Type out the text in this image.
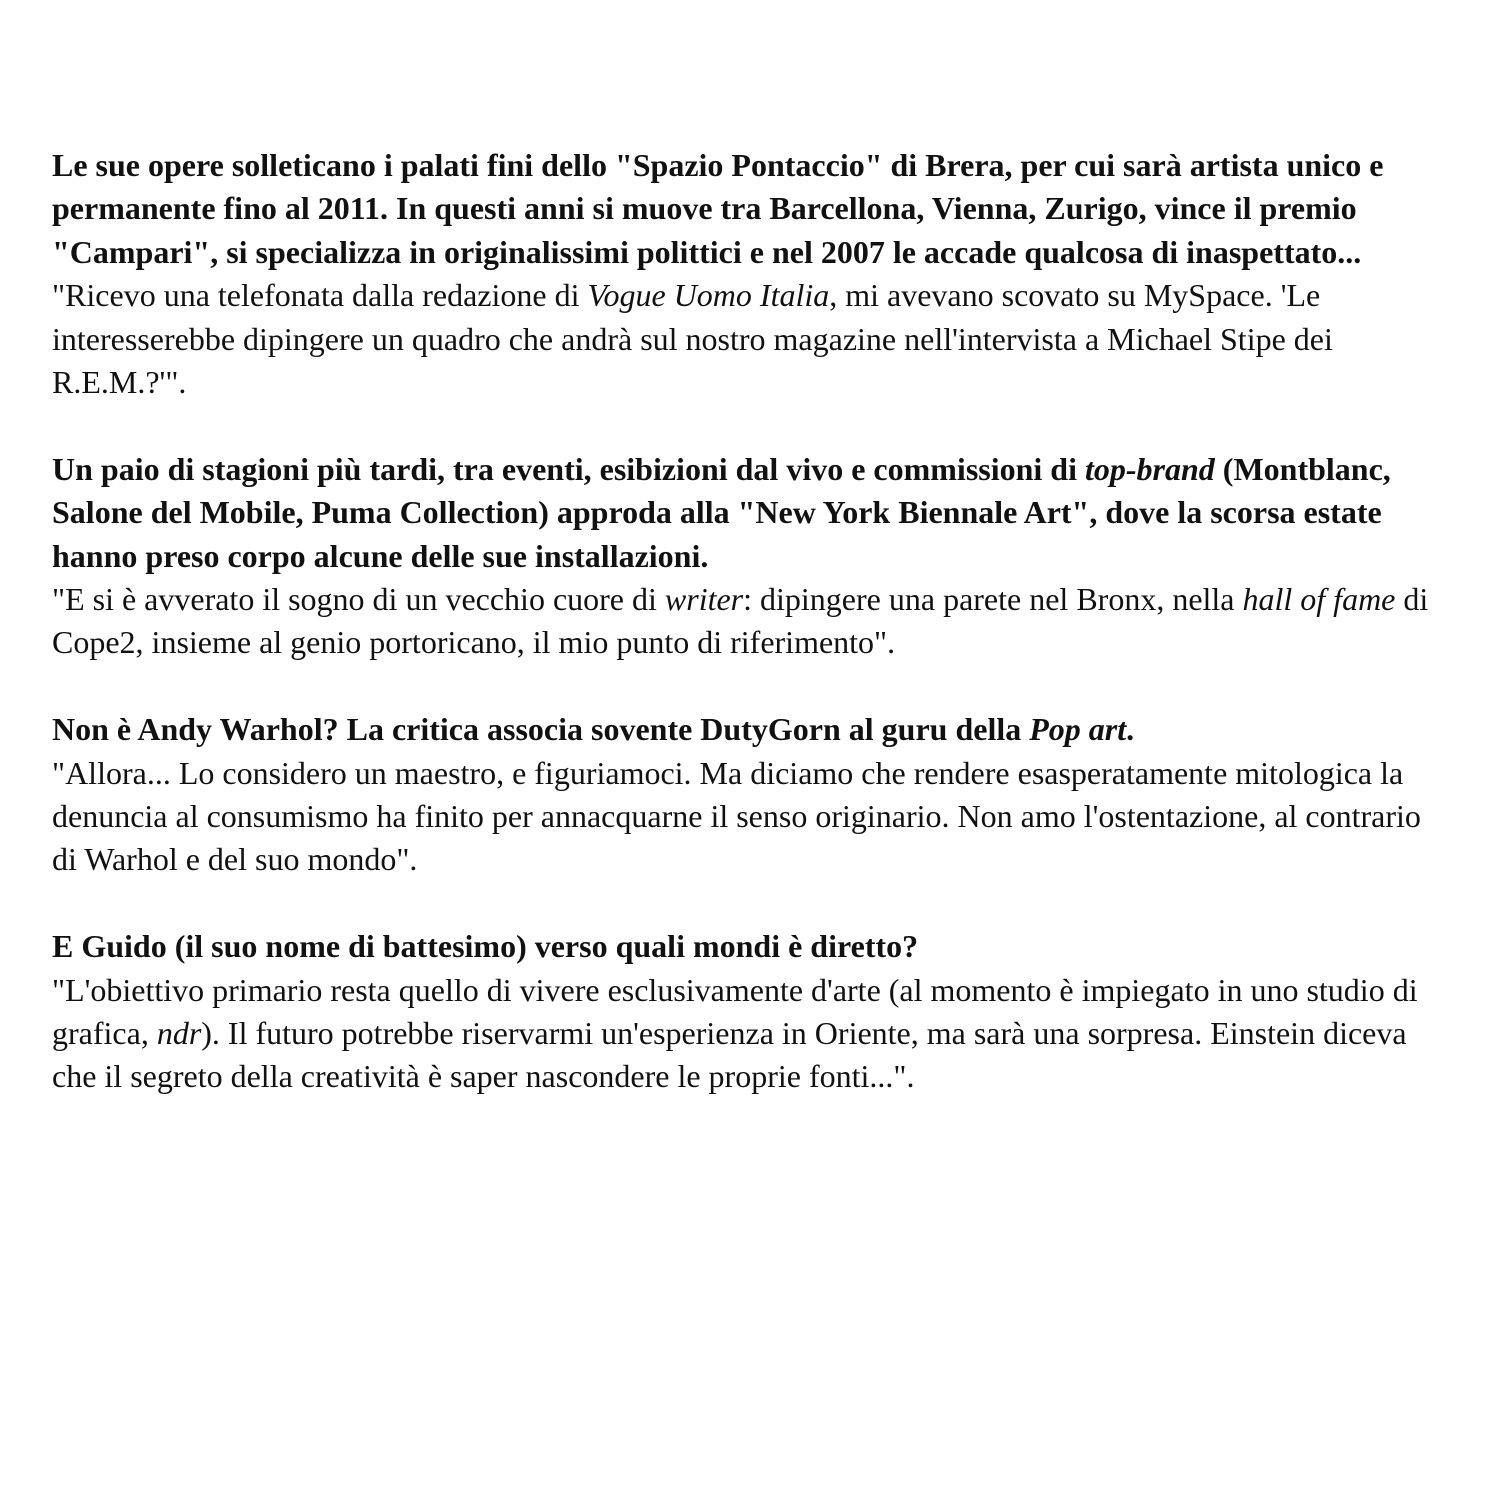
Le sue opere solleticano i palati fini dello "Spazio Pontaccio" di Brera, per cui sarà artista unico e permanente fino al 2011. In questi anni si muove tra Barcellona, Vienna, Zurigo, vince il premio "Campari", si specializza in originalissimi polittici e nel 2007 le accade qualcosa di inaspettato...
"Ricevo una telefonata dalla redazione di Vogue Uomo Italia, mi avevano scovato su MySpace. 'Le interesserebbe dipingere un quadro che andrà sul nostro magazine nell'intervista a Michael Stipe dei R.E.M.?'".
Un paio di stagioni più tardi, tra eventi, esibizioni dal vivo e commissioni di top-brand (Montblanc, Salone del Mobile, Puma Collection) approda alla "New York Biennale Art", dove la scorsa estate hanno preso corpo alcune delle sue installazioni.
"E si è avverato il sogno di un vecchio cuore di writer: dipingere una parete nel Bronx, nella hall of fame di Cope2, insieme al genio portoricano, il mio punto di riferimento".
Non è Andy Warhol? La critica associa sovente DutyGorn al guru della Pop art.
"Allora... Lo considero un maestro, e figuriamoci. Ma diciamo che rendere esasperatamente mitologica la denuncia al consumismo ha finito per annacquarne il senso originario. Non amo l'ostentazione, al contrario di Warhol e del suo mondo".
E Guido (il suo nome di battesimo) verso quali mondi è diretto?
"L'obiettivo primario resta quello di vivere esclusivamente d'arte (al momento è impiegato in uno studio di grafica, ndr). Il futuro potrebbe riservarmi un'esperienza in Oriente, ma sarà una sorpresa. Einstein diceva che il segreto della creatività è saper nascondere le proprie fonti...".
